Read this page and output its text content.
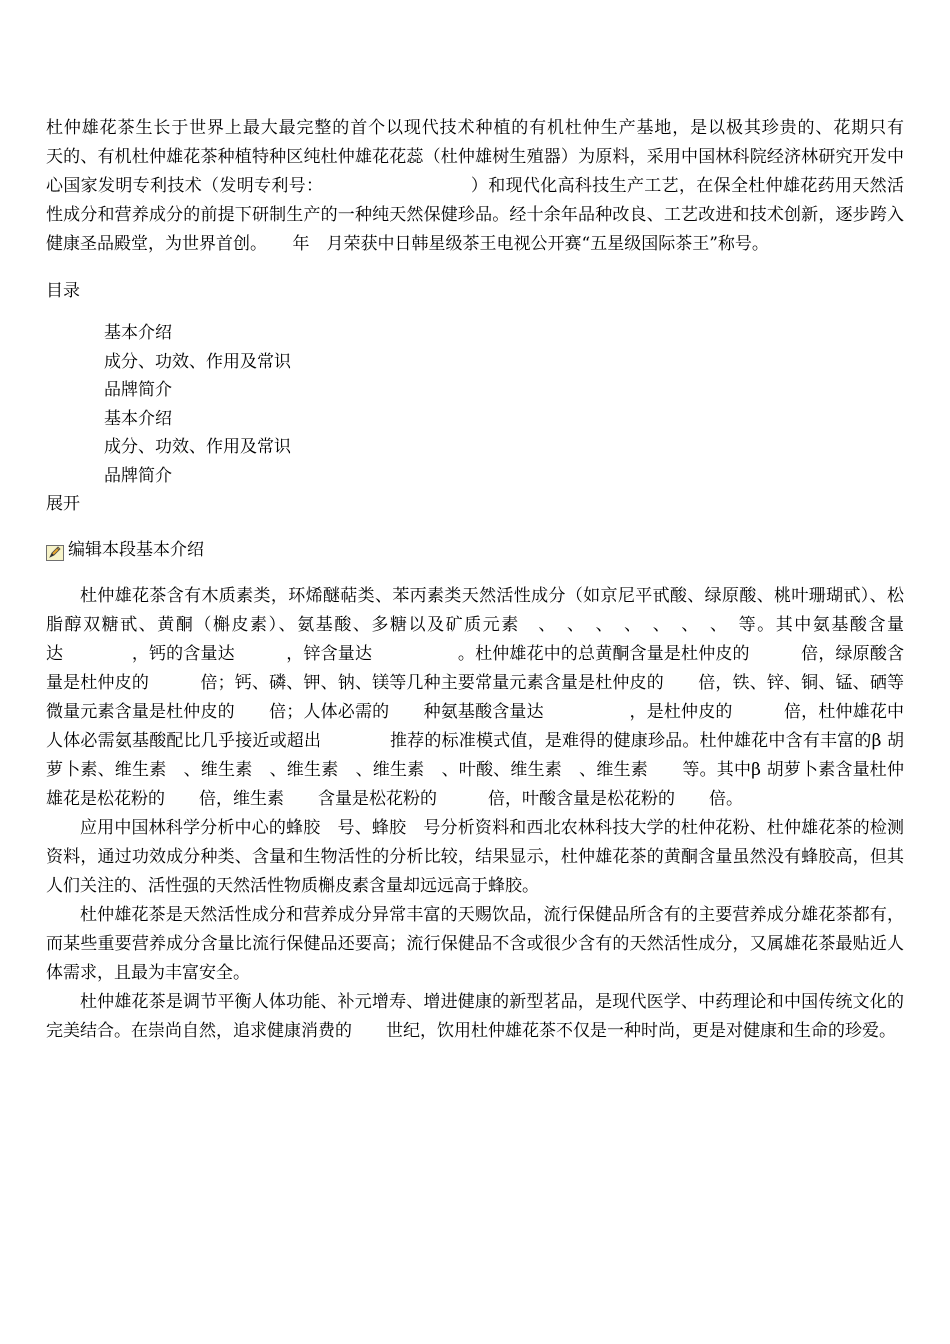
杜仲雄花茶生长于世界上最大最完整的首个以现代技术种植的有机杜仲生产基地，是以极其珍贵的、花期只有　　天的、有机杜仲雄花茶种植特种区纯杜仲雄花花蕊（杜仲雄树生殖器）为原料，采用中国林科院经济林研究开发中心国家发明专利技术（发明专利号：　　　　　　　　　）和现代化高科技生产工艺，在保全杜仲雄花药用天然活性成分和营养成分的前提下研制生产的一种纯天然保健珍品。经十余年品种改良、工艺改进和技术创新，逐步跨入健康圣品殿堂，为世界首创。　　年　月荣获中日韩星级茶王电视公开赛“五星级国际茶王”称号。

目录
基本介绍
成分、功效、作用及常识
品牌简介
基本介绍
成分、功效、作用及常识
品牌简介
展开
编辑本段基本介绍

杜仲雄花茶含有木质素类，环烯醚萜类、苯丙素类天然活性成分（如京尼平甙酸、绿原酸、桃叶珊瑚甙）、松脂醇双糖甙、黄酮（槲皮素）、氨基酸、多糖以及矿质元素　、　、　、　、　、　、　、　等。其中氨基酸含量达　　　　，钙的含量达　　　，锌含量达　　　　　。杜仲雄花中的总黄酮含量是杜仲皮的　　　倍，绿原酸含量是杜仲皮的　　　倍；钙、磷、钾、钠、镁等几种主要常量元素含量是杜仲皮的　　倍，铁、锌、铜、锰、硒等微量元素含量是杜仲皮的　　倍；人体必需的　　种氨基酸含量达　　　　　，是杜仲皮的　　　倍，杜仲雄花中人体必需氨基酸配比几乎接近或超出　　　　推荐的标准模式值，是难得的健康珍品。杜仲雄花中含有丰富的β 胡萝卜素、维生素　、维生素　、维生素　、维生素　、叶酸、维生素　、维生素　　等。其中β 胡萝卜素含量杜仲雄花是松花粉的　　倍，维生素　　含量是松花粉的　　　倍，叶酸含量是松花粉的　　倍。

应用中国林科学分析中心的蜂胶　号、蜂胶　号分析资料和西北农林科技大学的杜仲花粉、杜仲雄花茶的检测资料，通过功效成分种类、含量和生物活性的分析比较，结果显示，杜仲雄花茶的黄酮含量虽然没有蜂胶高，但其人们关注的、活性强的天然活性物质槲皮素含量却远远高于蜂胶。

杜仲雄花茶是天然活性成分和营养成分异常丰富的天赐饮品，流行保健品所含有的主要营养成分雄花茶都有，而某些重要营养成分含量比流行保健品还要高；流行保健品不含或很少含有的天然活性成分，又属雄花茶最贴近人体需求，且最为丰富安全。

杜仲雄花茶是调节平衡人体功能、补元增寿、增进健康的新型茗品，是现代医学、中药理论和中国传统文化的完美结合。在崇尚自然，追求健康消费的　　世纪，饮用杜仲雄花茶不仅是一种时尚，更是对健康和生命的珍爱。
